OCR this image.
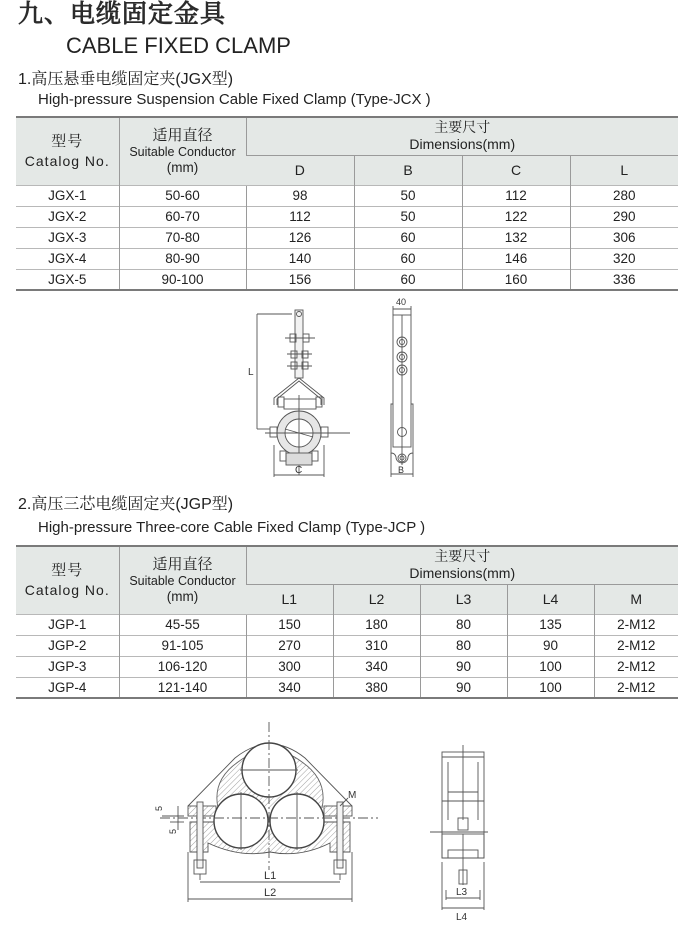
九、电缆固定金具
CABLE FIXED CLAMP
1.高压悬垂电缆固定夹(JGX型)
High-pressure Suspension Cable Fixed Clamp (Type-JCX )
型号
Catalog No.	适用直径
Suitable Conductor
(mm)	主要尺寸
Dimensions(mm)			

		D	B	C	L
JGX-1	50-60	98	50	112	280
JGX-2	60-70	112	50	122	290
JGX-3	70-80	126	60	132	306
JGX-4	80-90	140	60	146	320
JGX-5	90-100	156	60	160	336
L
C
40
B
2.高压三芯电缆固定夹(JGP型)
High-pressure Three-core Cable Fixed Clamp (Type-JCP )
型号
Catalog No.	适用直径
Suitable Conductor
(mm)	主要尺寸
Dimensions(mm)				

		L1	L2	L3	L4	M
JGP-1	45-55	150	180	80	135	2-M12
JGP-2	91-105	270	310	80	90	2-M12
JGP-3	106-120	300	340	90	100	2-M12
JGP-4	121-140	340	380	90	100	2-M12
M
5
5
L1
L2	L3
L4
